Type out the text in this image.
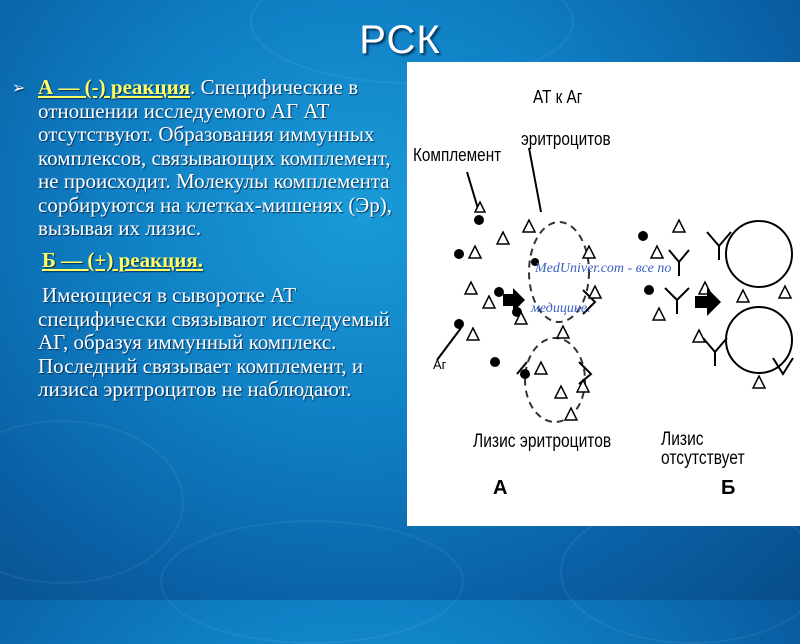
РСК
➢ А — (-) реакция. Специфические в отношении исследуемого АГ АТ отсутствуют. Образования иммунных комплексов, связывающих комплемент, не происходит. Молекулы комплемента сорбируются на клетках-мишенях (Эр), вызывая их лизис.
Б — (+) реакция.
Имеющиеся в сыворотке АТ специфически связывают исследуемый АГ, образуя иммунный комплекс. Последний связывает комплемент, и лизиса эритроцитов не наблюдают.
АТ к Аг
эритроцитов
Комплемент
Аг
MedUniver.com - все по
медицине.
Лизис эритроцитов	Лизис отсутствует
А	Б
